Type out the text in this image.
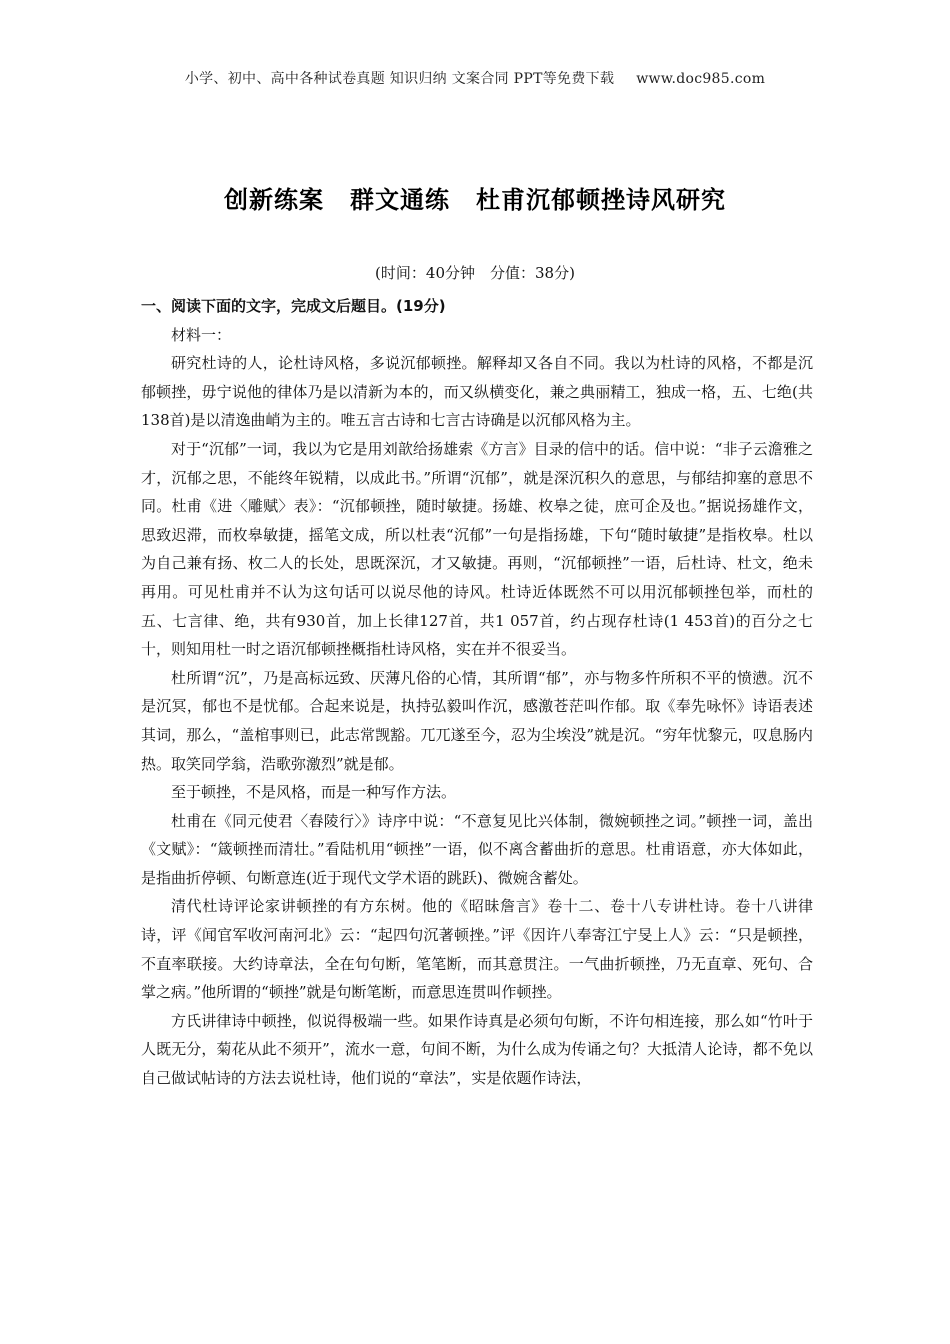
小学、初中、高中各种试卷真题 知识归纳 文案合同 PPT等免费下载 www.doc985.com
创新练案 群文通练 杜甫沉郁顿挫诗风研究
(时间：40分钟　分值：38分)

一、阅读下面的文字，完成文后题目。(19分)

材料一：

研究杜诗的人，论杜诗风格，多说沉郁顿挫。解释却又各自不同。我以为杜诗的风格，不都是沉郁顿挫，毋宁说他的律体乃是以清新为本的，而又纵横变化，兼之典丽精工，独成一格，五、七绝(共138首)是以清逸曲峭为主的。唯五言古诗和七言古诗确是以沉郁风格为主。

对于“沉郁”一词，我以为它是用刘歆给扬雄索《方言》目录的信中的话。信中说：“非子云澹雅之才，沉郁之思，不能终年锐精，以成此书。”所谓“沉郁”，就是深沉积久的意思，与郁结抑塞的意思不同。杜甫《进〈雕赋〉表》：“沉郁顿挫，随时敏捷。扬雄、枚皋之徒，庶可企及也。”据说扬雄作文，思致迟滞，而枚皋敏捷，摇笔文成，所以杜表“沉郁”一句是指扬雄，下句“随时敏捷”是指枚皋。杜以为自己兼有扬、枚二人的长处，思既深沉，才又敏捷。再则，“沉郁顿挫”一语，后杜诗、杜文，绝未再用。可见杜甫并不认为这句话可以说尽他的诗风。杜诗近体既然不可以用沉郁顿挫包举，而杜的五、七言律、绝，共有930首，加上长律127首，共1 057首，约占现存杜诗(1 453首)的百分之七十，则知用杜一时之语沉郁顿挫概指杜诗风格，实在并不很妥当。

杜所谓“沉”，乃是高标远致、厌薄凡俗的心情，其所谓“郁”，亦与物多忤所积不平的愤懑。沉不是沉冥，郁也不是忧郁。合起来说是，执持弘毅叫作沉，感激苍茫叫作郁。取《奉先咏怀》诗语表述其词，那么，“盖棺事则已，此志常觊豁。兀兀遂至今，忍为尘埃没”就是沉。“穷年忧黎元，叹息肠内热。取笑同学翁，浩歌弥激烈”就是郁。

至于顿挫，不是风格，而是一种写作方法。

杜甫在《同元使君〈舂陵行〉》诗序中说：“不意复见比兴体制，微婉顿挫之词。”顿挫一词，盖出《文赋》：“箴顿挫而清壮。”看陆机用“顿挫”一语，似不离含蓄曲折的意思。杜甫语意，亦大体如此，是指曲折停顿、句断意连(近于现代文学术语的跳跃)、微婉含蓄处。

清代杜诗评论家讲顿挫的有方东树。他的《昭昧詹言》卷十二、卷十八专讲杜诗。卷十八讲律诗，评《闻官军收河南河北》云：“起四句沉著顿挫。”评《因许八奉寄江宁旻上人》云：“只是顿挫，不直率联接。大约诗章法，全在句句断，笔笔断，而其意贯注。一气曲折顿挫，乃无直章、死句、合掌之病。”他所谓的“顿挫”就是句断笔断，而意思连贯叫作顿挫。

方氏讲律诗中顿挫，似说得极端一些。如果作诗真是必须句句断，不许句相连接，那么如“竹叶于人既无分，菊花从此不须开”，流水一意，句间不断，为什么成为传诵之句？大抵清人论诗，都不免以自己做试帖诗的方法去说杜诗，他们说的“章法”，实是依题作诗法，
